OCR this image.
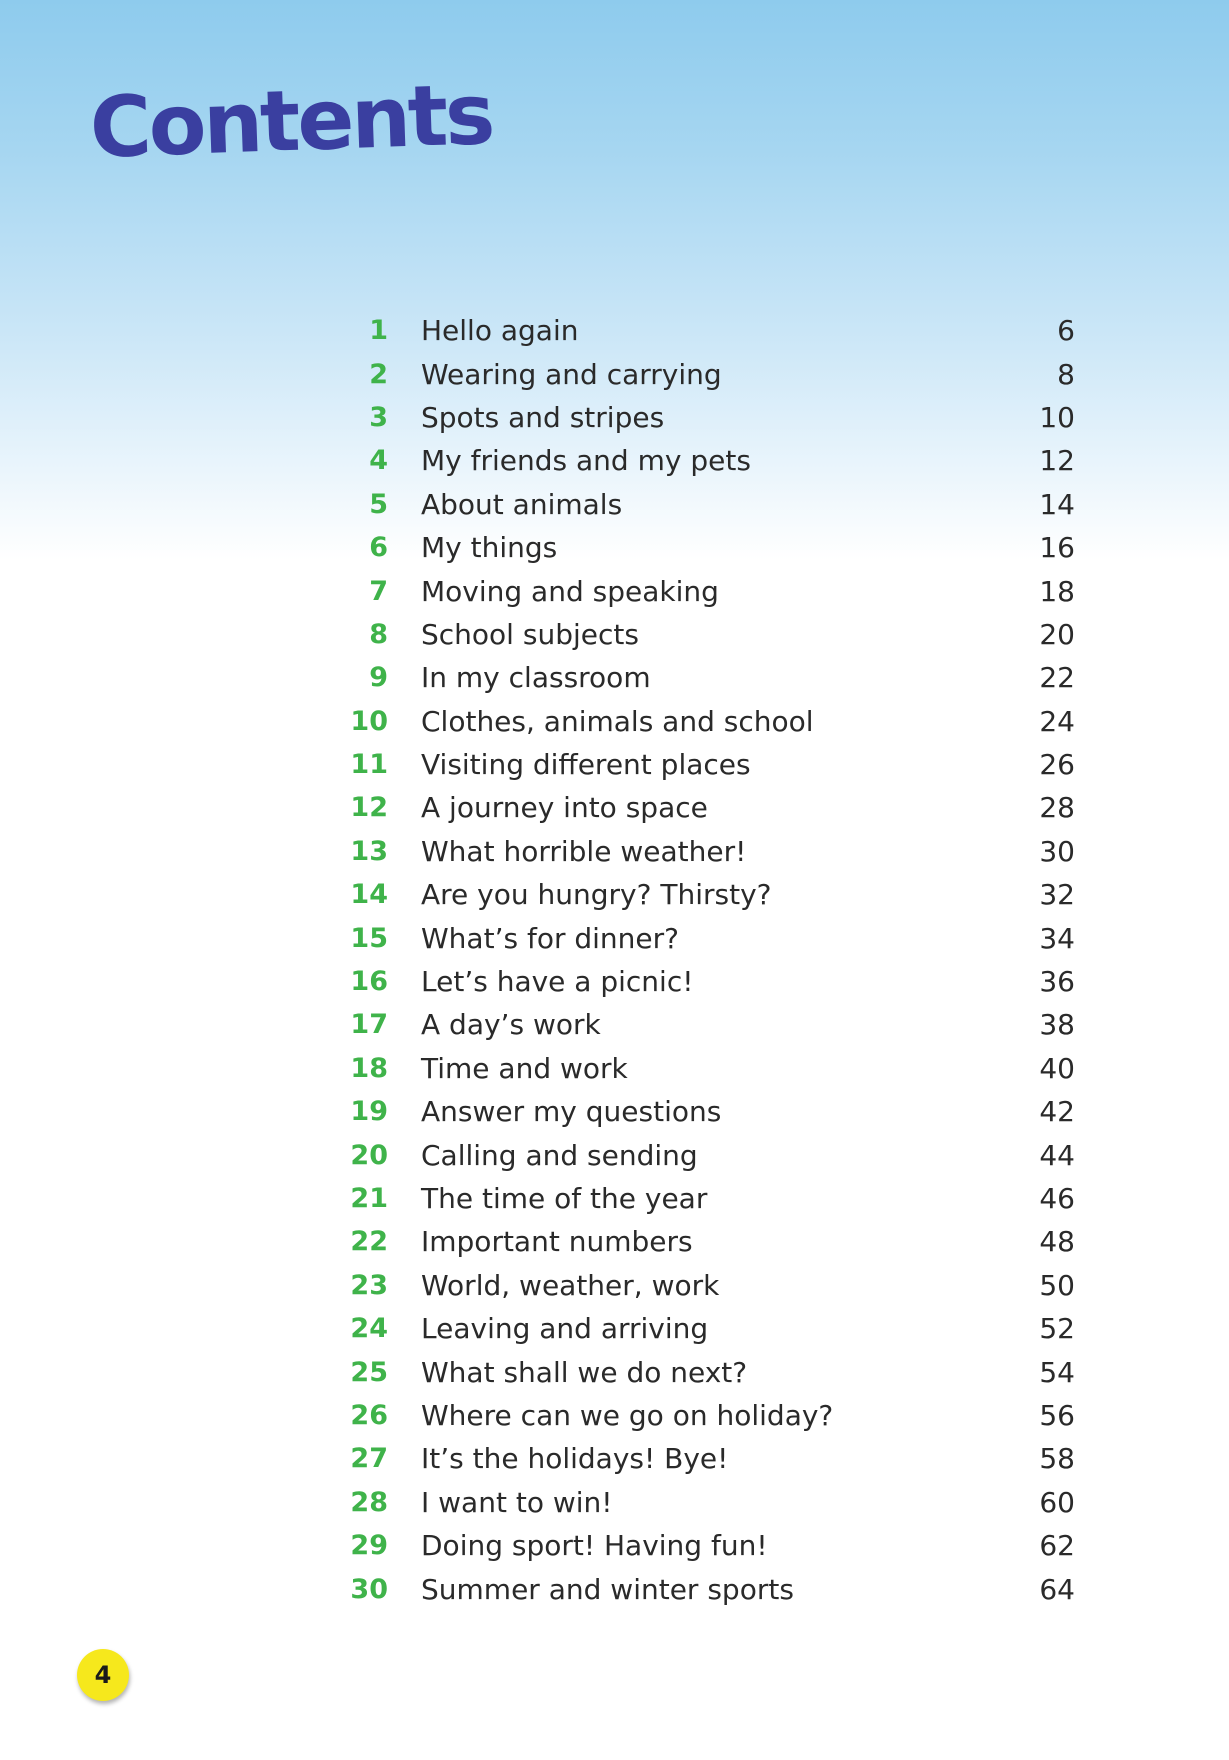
Contents
1 Hello again	6
2 Wearing and carrying	8
3 Spots and stripes	10
4 My friends and my pets	12
5 About animals	14
6 My things	16
7 Moving and speaking	18
8 School subjects	20
9 In my classroom	22
10 Clothes, animals and school	24
11 Visiting different places	26
12 A journey into space	28
13 What horrible weather!	30
14 Are you hungry? Thirsty?	32
15 What’s for dinner?	34
16 Let’s have a picnic!	36
17 A day’s work	38
18 Time and work	40
19 Answer my questions	42
20 Calling and sending	44
21 The time of the year	46
22 Important numbers	48
23 World, weather, work	50
24 Leaving and arriving	52
25 What shall we do next?	54
26 Where can we go on holiday?	56
27 It’s the holidays! Bye!	58
28 I want to win!	60
29 Doing sport! Having fun!	62
30 Summer and winter sports	64
4
